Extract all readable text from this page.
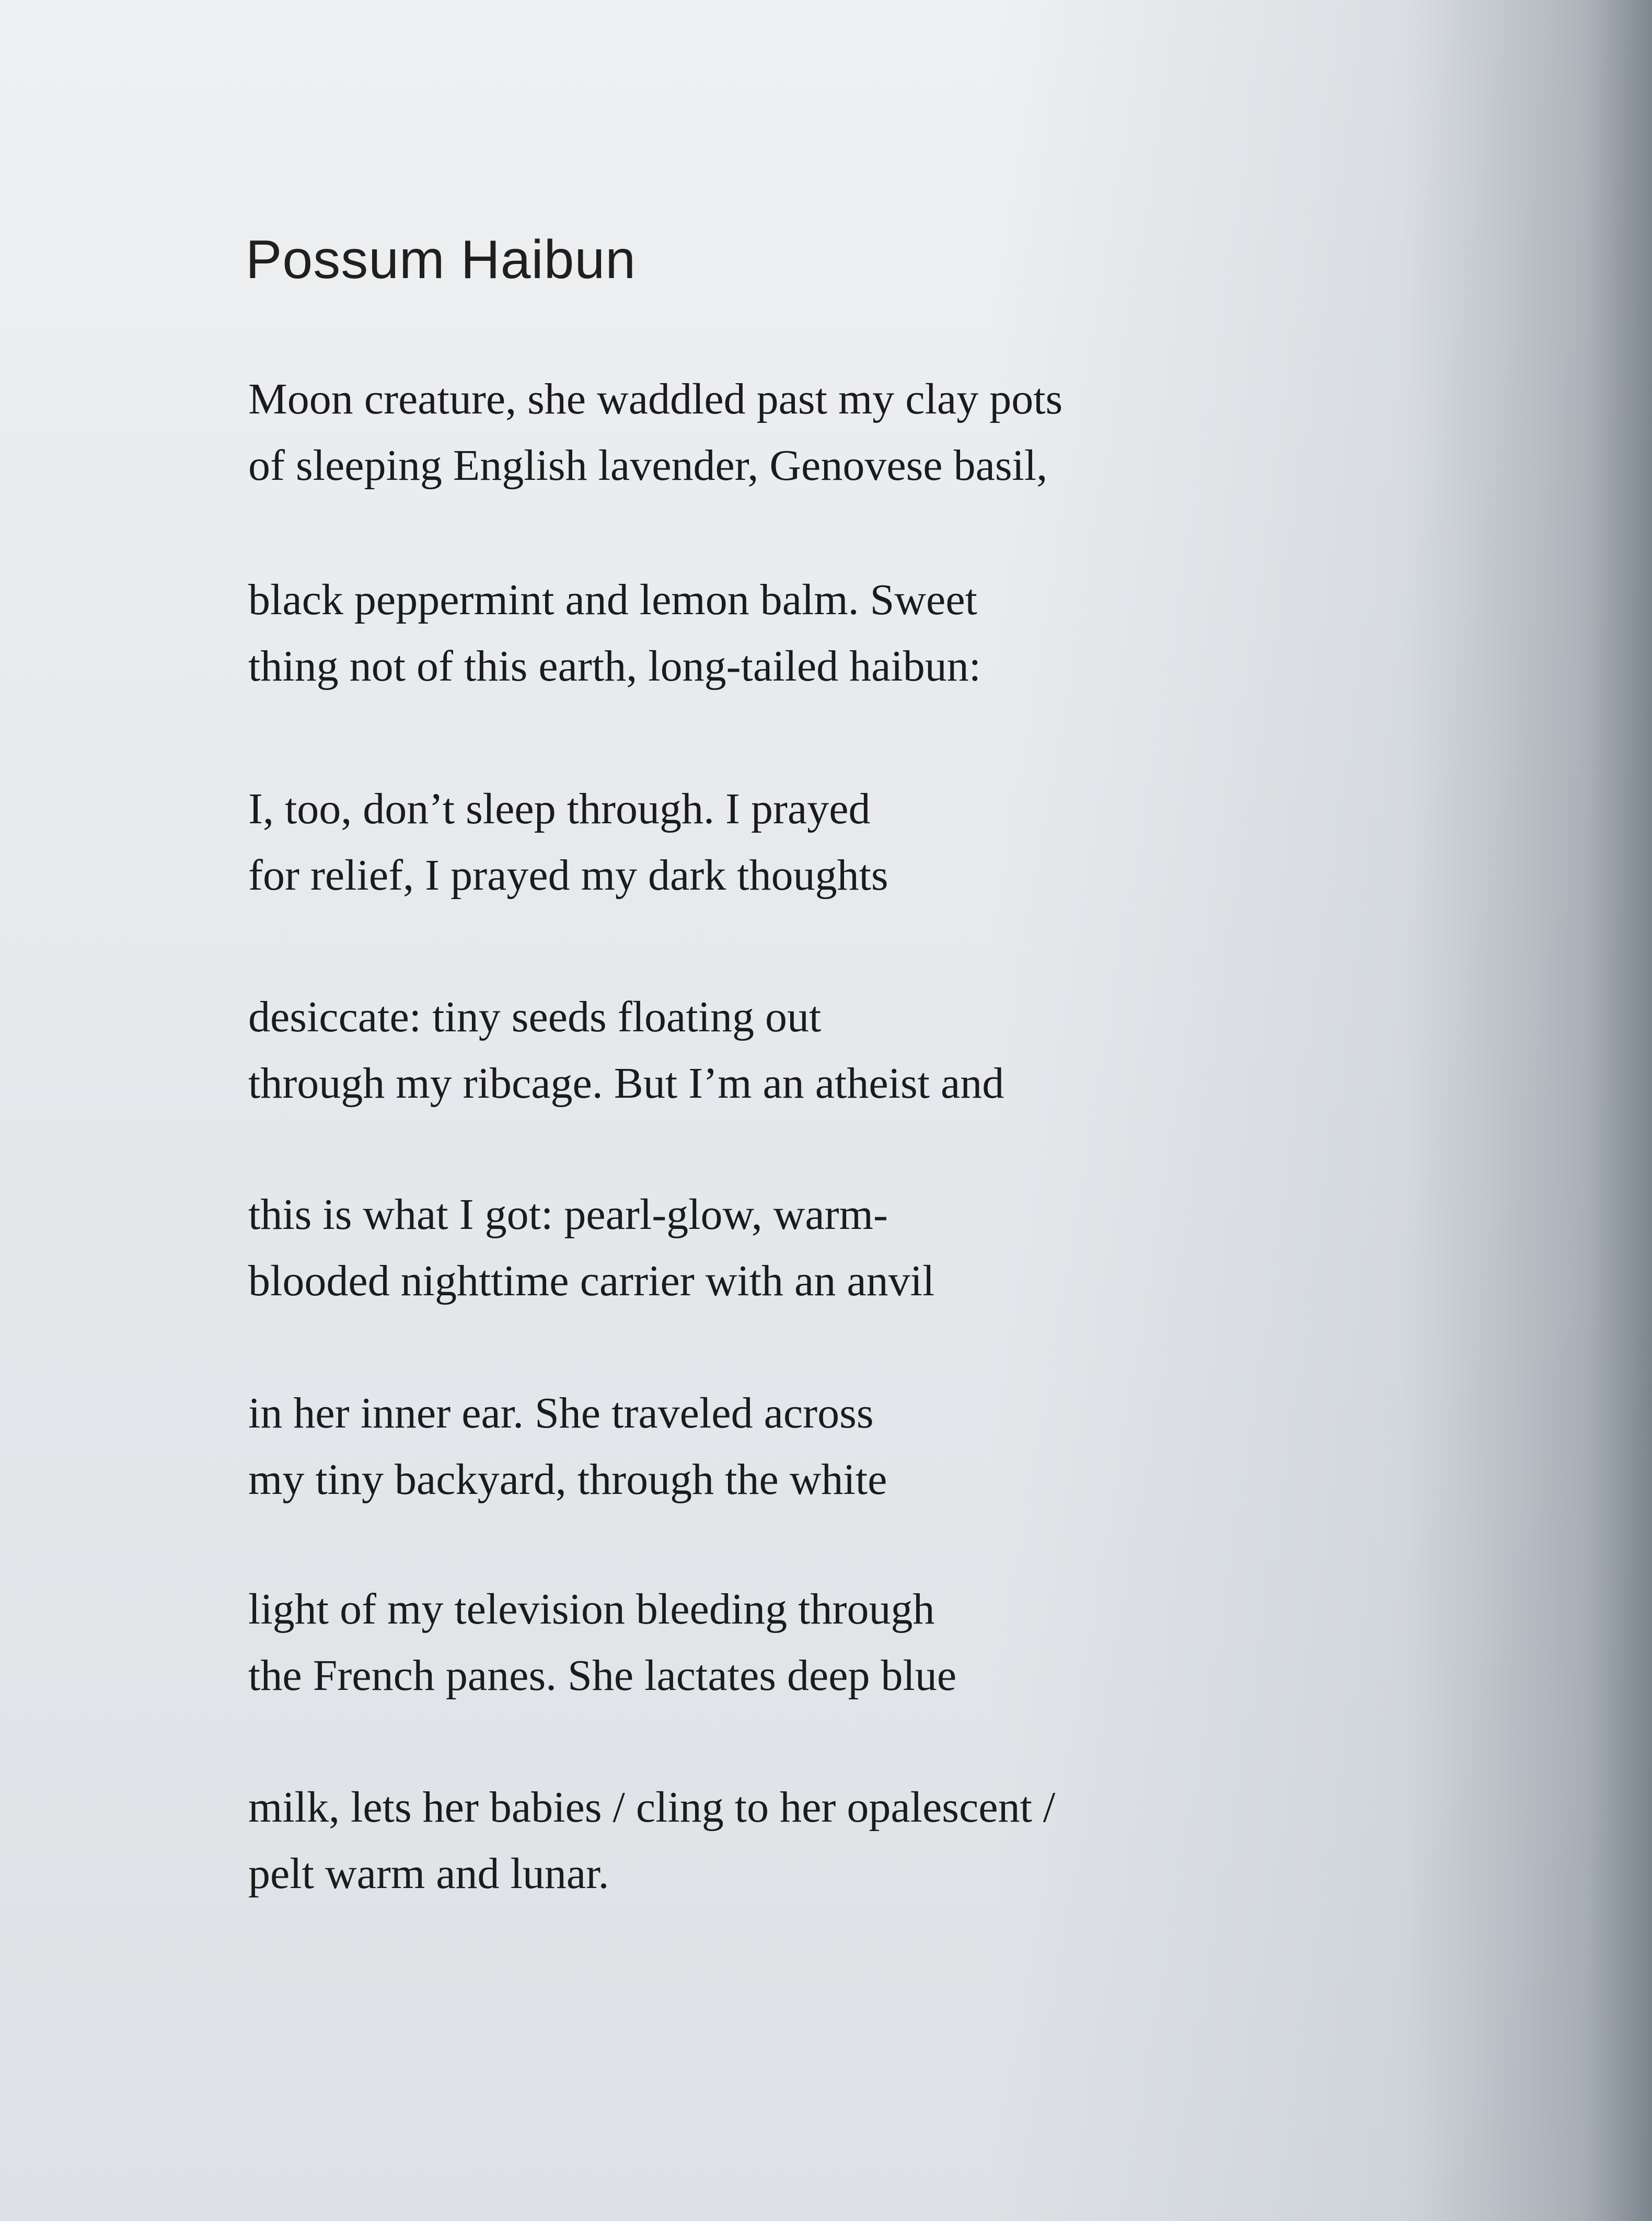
Possum Haibun

Moon creature, she waddled past my clay pots
of sleeping English lavender, Genovese basil,

black peppermint and lemon balm. Sweet
thing not of this earth, long-tailed haibun:

I, too, don’t sleep through. I prayed
for relief, I prayed my dark thoughts

desiccate: tiny seeds floating out
through my ribcage. But I’m an atheist and

this is what I got: pearl-glow, warm-
blooded nighttime carrier with an anvil

in her inner ear. She traveled across
my tiny backyard, through the white

light of my television bleeding through
the French panes. She lactates deep blue

milk, lets her babies / cling to her opalescent /
pelt warm and lunar.
